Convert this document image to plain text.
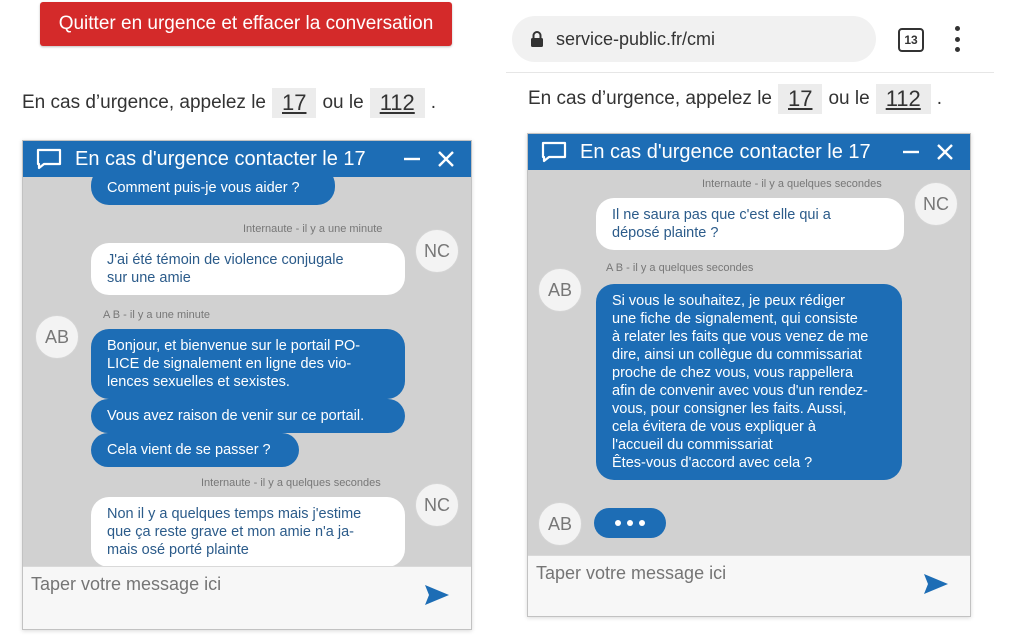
Quitter en urgence et effacer la conversation
En cas d’urgence, appelez le 17 ou le 112 .
En cas d'urgence contacter le 17
Comment puis-je vous aider ?
Internaute - il y a une minute
NC
J'ai été témoin de violence conjugale
sur une amie
A B - il y a une minute
AB	Bonjour, et bienvenue sur le portail PO-
LICE de signalement en ligne des vio-
lences sexuelles et sexistes.
Vous avez raison de venir sur ce portail.
Cela vient de se passer ?
Internaute - il y a quelques secondes
NC
Non il y a quelques temps mais j'estime
que ça reste grave et mon amie n'a ja-
mais osé porté plainte
Taper votre message ici
service-public.fr/cmi	13
En cas d’urgence, appelez le 17 ou le 112 .
En cas d'urgence contacter le 17
Internaute - il y a quelques secondes
NC
Il ne saura pas que c'est elle qui a
déposé plainte ?
A B - il y a quelques secondes
AB
Si vous le souhaitez, je peux rédiger
une fiche de signalement, qui consiste
à relater les faits que vous venez de me
dire, ainsi un collègue du commissariat
proche de chez vous, vous rappellera
afin de convenir avec vous d'un rendez-
vous, pour consigner les faits. Aussi,
cela évitera de vous expliquer à
l'accueil du commissariat
Êtes-vous d'accord avec cela ?
AB
Taper votre message ici
